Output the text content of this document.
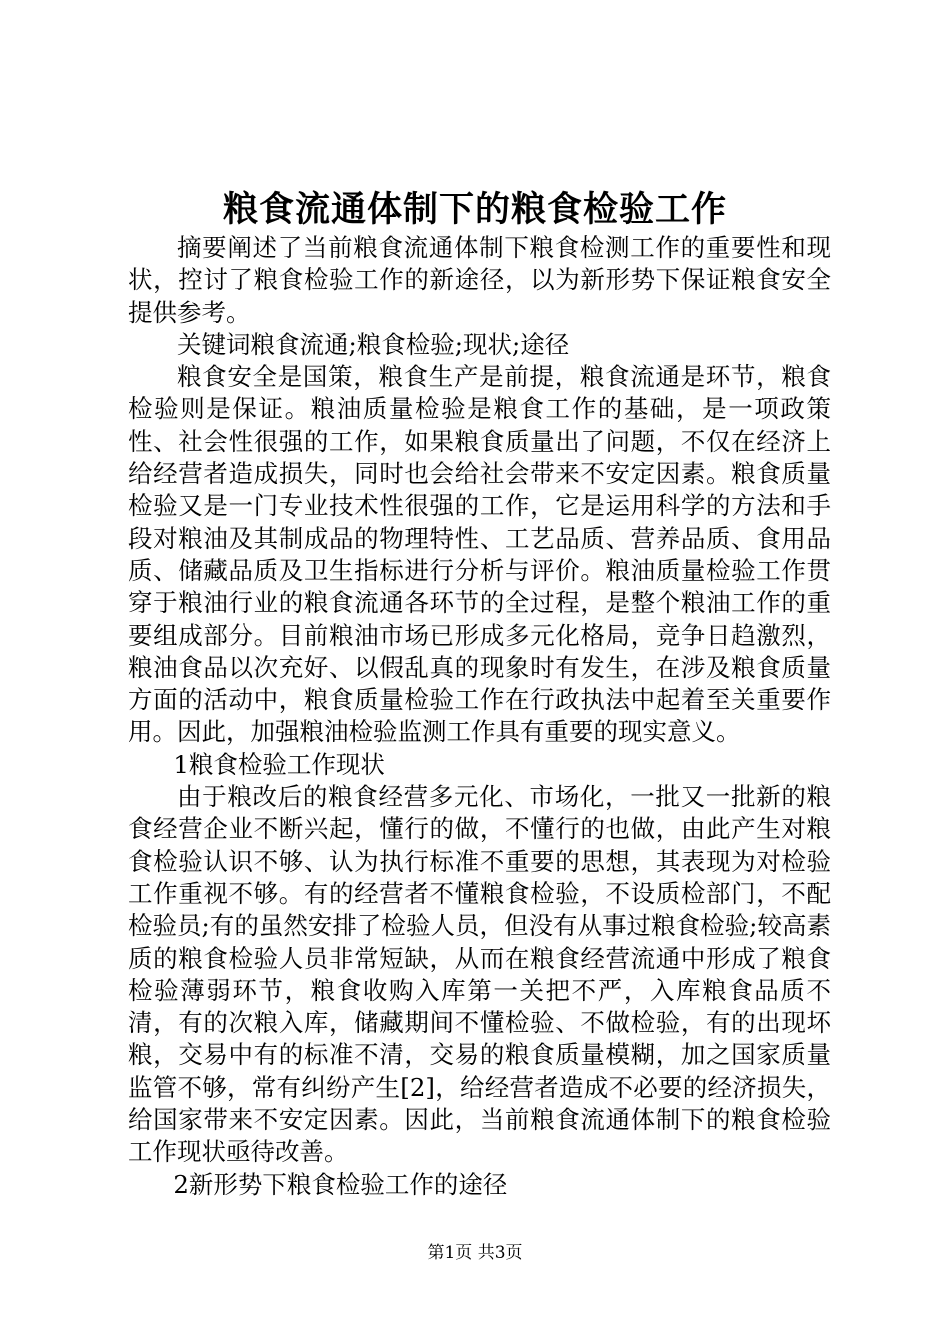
粮食流通体制下的粮食检验工作

摘要阐述了当前粮食流通体制下粮食检测工作的重要性和现状，控讨了粮食检验工作的新途径，以为新形势下保证粮食安全提供参考。

关键词粮食流通;粮食检验;现状;途径

粮食安全是国策，粮食生产是前提，粮食流通是环节，粮食检验则是保证。粮油质量检验是粮食工作的基础，是一项政策性、社会性很强的工作，如果粮食质量出了问题，不仅在经济上给经营者造成损失，同时也会给社会带来不安定因素。粮食质量检验又是一门专业技术性很强的工作，它是运用科学的方法和手段对粮油及其制成品的物理特性、工艺品质、营养品质、食用品质、储藏品质及卫生指标进行分析与评价。粮油质量检验工作贯穿于粮油行业的粮食流通各环节的全过程，是整个粮油工作的重要组成部分。目前粮油市场已形成多元化格局，竞争日趋激烈，粮油食品以次充好、以假乱真的现象时有发生，在涉及粮食质量方面的活动中，粮食质量检验工作在行政执法中起着至关重要作用。因此，加强粮油检验监测工作具有重要的现实意义。

1粮食检验工作现状

由于粮改后的粮食经营多元化、市场化，一批又一批新的粮食经营企业不断兴起，懂行的做，不懂行的也做，由此产生对粮食检验认识不够、认为执行标准不重要的思想，其表现为对检验工作重视不够。有的经营者不懂粮食检验，不设质检部门，不配检验员;有的虽然安排了检验人员，但没有从事过粮食检验;较高素质的粮食检验人员非常短缺，从而在粮食经营流通中形成了粮食检验薄弱环节，粮食收购入库第一关把不严，入库粮食品质不清，有的次粮入库，储藏期间不懂检验、不做检验，有的出现坏粮，交易中有的标准不清，交易的粮食质量模糊，加之国家质量监管不够，常有纠纷产生[2]，给经营者造成不必要的经济损失，给国家带来不安定因素。因此，当前粮食流通体制下的粮食检验工作现状亟待改善。

2新形势下粮食检验工作的途径

第1页 共3页
